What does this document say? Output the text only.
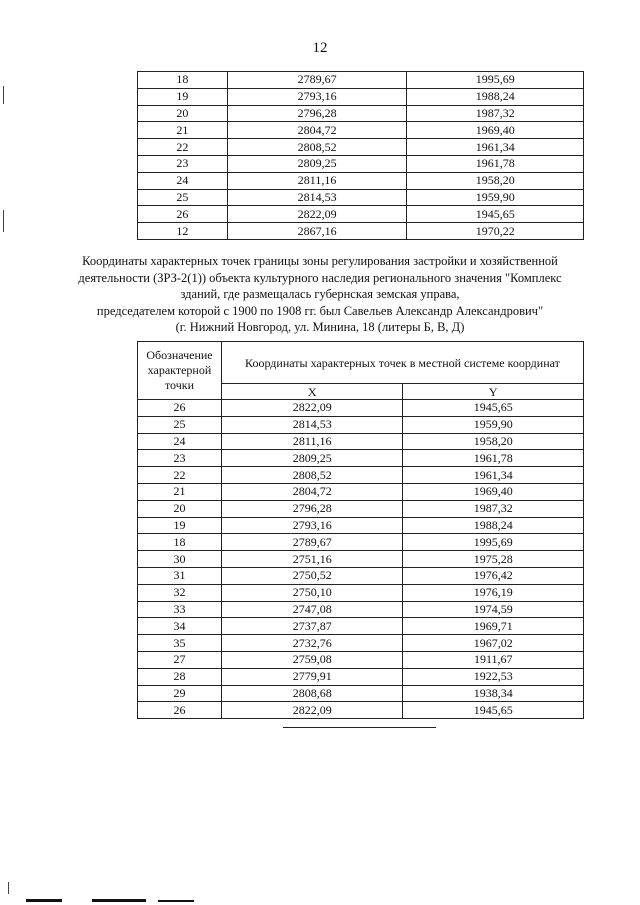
12
18	2789,67	1995,69
19	2793,16	1988,24
20	2796,28	1987,32
21	2804,72	1969,40
22	2808,52	1961,34
23	2809,25	1961,78
24	2811,16	1958,20
25	2814,53	1959,90
26	2822,09	1945,65
12	2867,16	1970,22
Координаты характерных точек границы зоны регулирования застройки и хозяйственной
деятельности (ЗРЗ-2(1)) объекта культурного наследия регионального значения "Комплекс
зданий, где размещалась губернская земская управа,
председателем которой с 1900 по 1908 гг. был Савельев Александр Александрович"
(г. Нижний Новгород, ул. Минина, 18 (литеры Б, В, Д)
Обозначение характерной точки	Координаты характерных точек в местной системе координат	
	X	Y
26	2822,09	1945,65
25	2814,53	1959,90
24	2811,16	1958,20
23	2809,25	1961,78
22	2808,52	1961,34
21	2804,72	1969,40
20	2796,28	1987,32
19	2793,16	1988,24
18	2789,67	1995,69
30	2751,16	1975,28
31	2750,52	1976,42
32	2750,10	1976,19
33	2747,08	1974,59
34	2737,87	1969,71
35	2732,76	1967,02
27	2759,08	1911,67
28	2779,91	1922,53
29	2808,68	1938,34
26	2822,09	1945,65
